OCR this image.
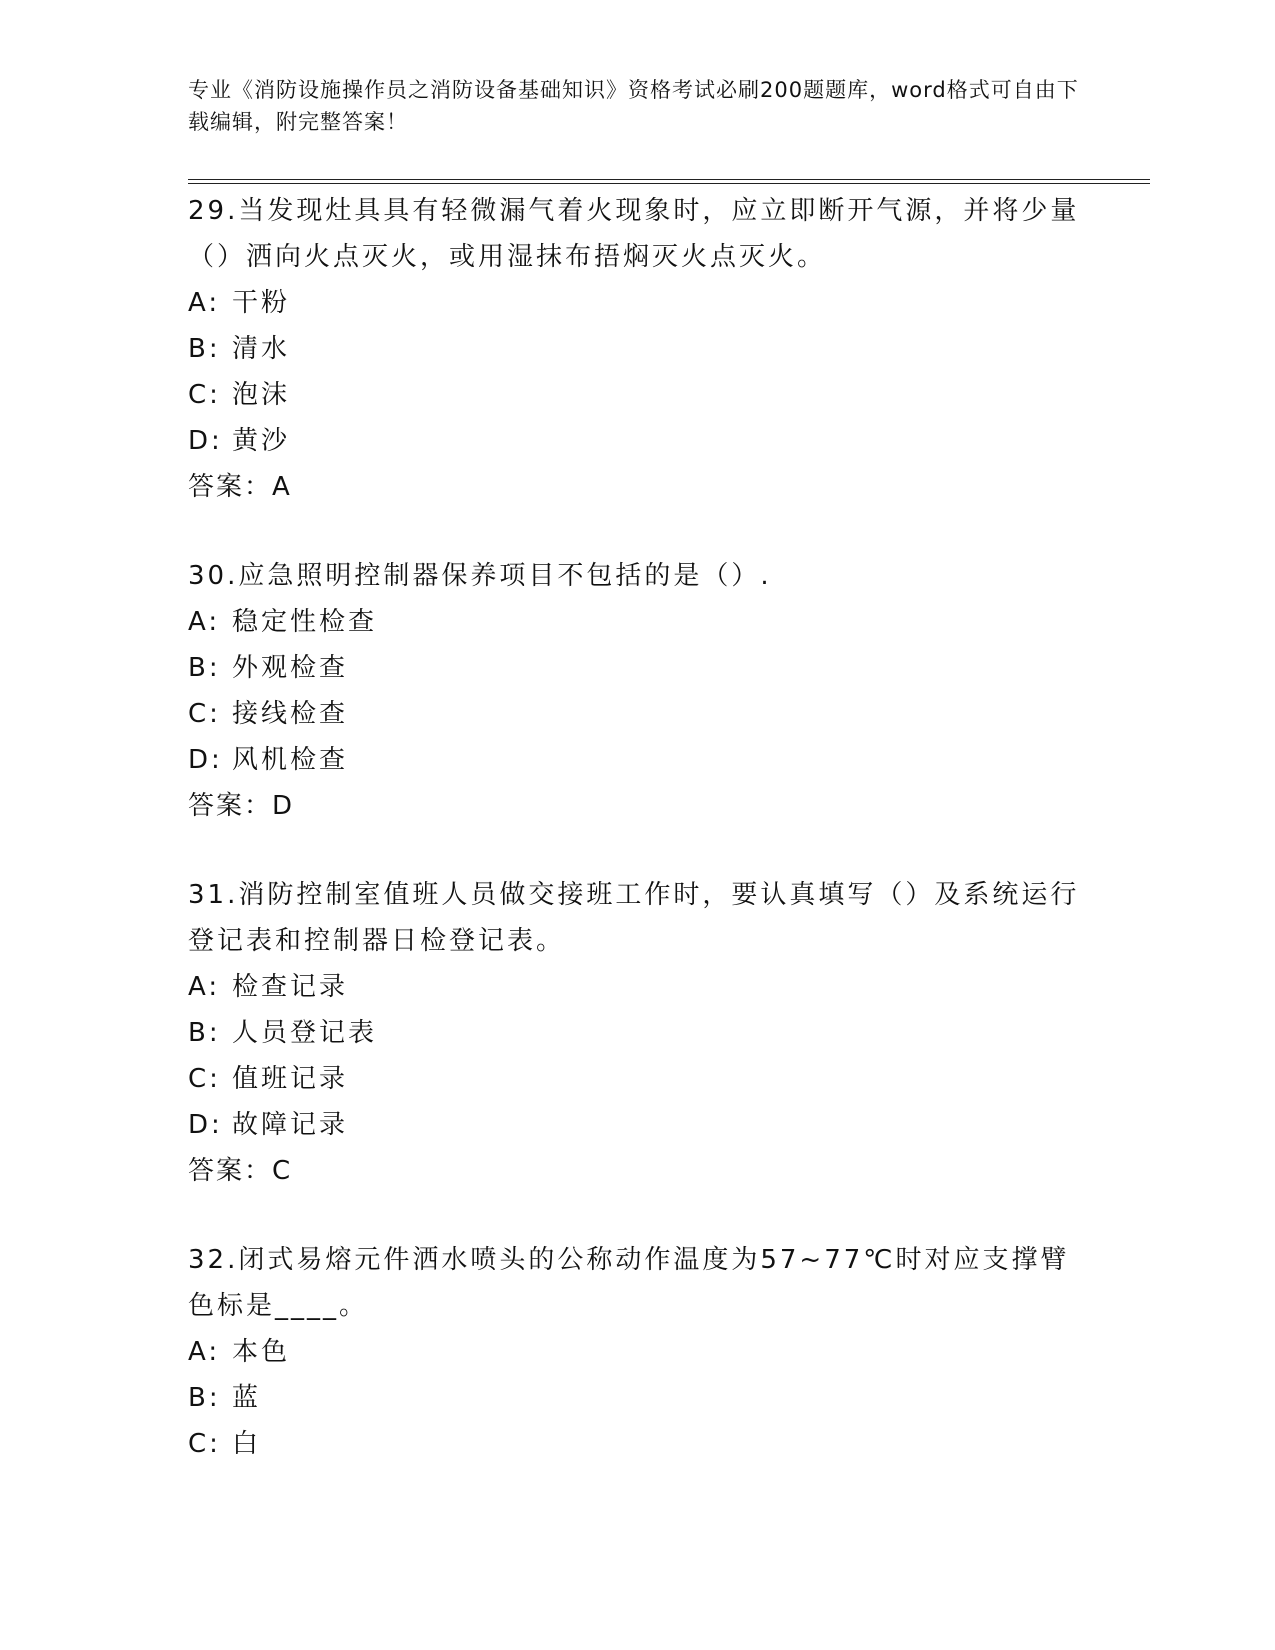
专业《消防设施操作员之消防设备基础知识》资格考试必刷200题题库，word格式可自由下载编辑，附完整答案！

29.当发现灶具具有轻微漏气着火现象时，应立即断开气源，并将少量（）洒向火点灭火，或用湿抹布捂焖灭火点灭火。

A: 干粉

B: 清水

C: 泡沫

D: 黄沙

答案：A

30.应急照明控制器保养项目不包括的是（）.

A: 稳定性检查

B: 外观检查

C: 接线检查

D: 风机检查

答案：D

31.消防控制室值班人员做交接班工作时，要认真填写（）及系统运行登记表和控制器日检登记表。

A: 检查记录

B: 人员登记表

C: 值班记录

D: 故障记录

答案：C

32.闭式易熔元件洒水喷头的公称动作温度为57~77℃时对应支撑臂色标是____。

A: 本色

B: 蓝

C: 白
